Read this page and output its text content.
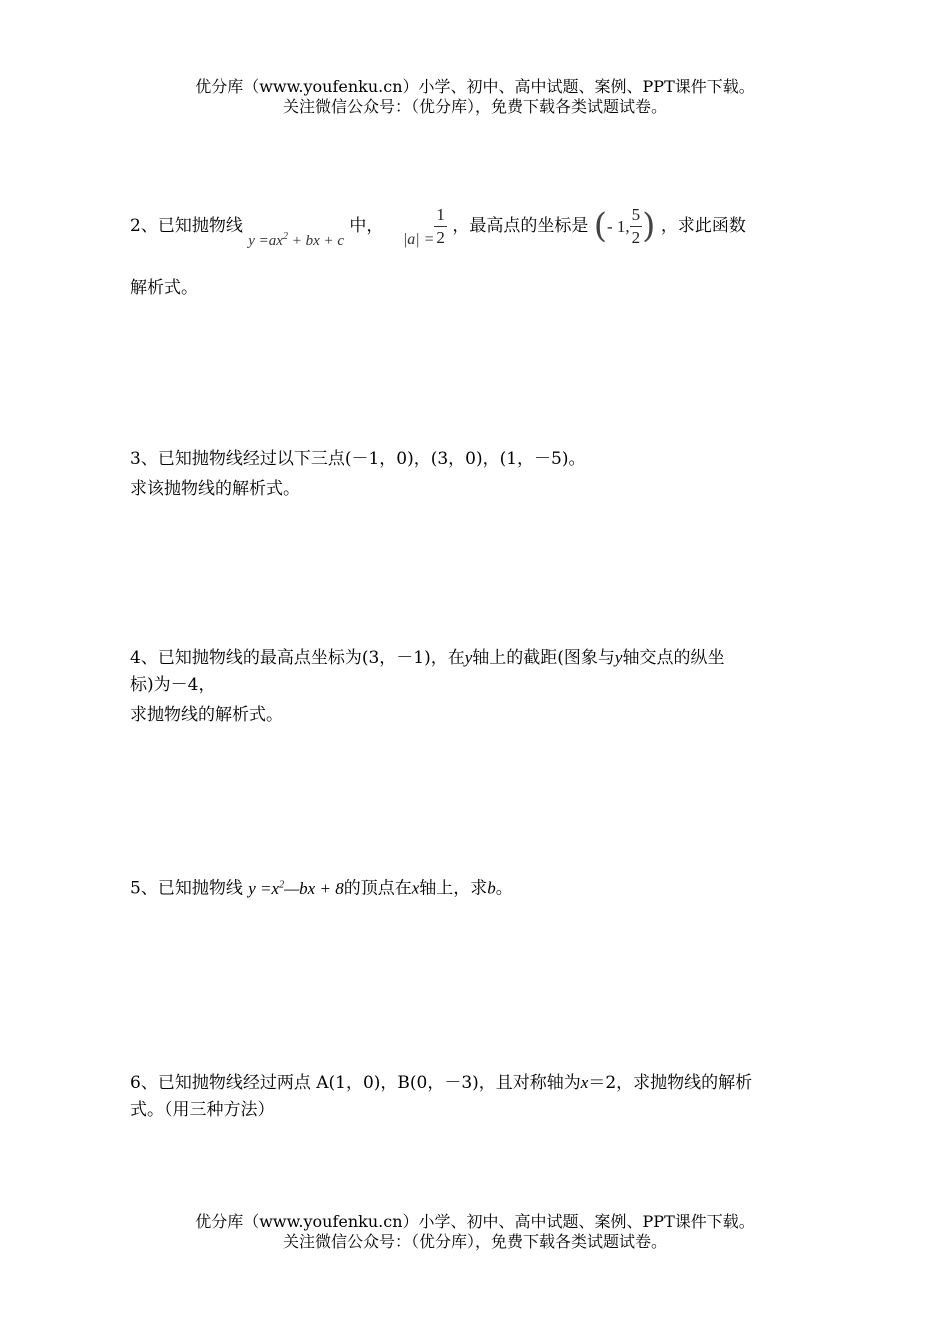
优分库（www.youfenku.cn）小学、初中、高中试题、案例、PPT课件下载。
关注微信公众号：（优分库），免费下载各类试题试卷。
2、已知抛物线 $y =ax^2$ + bx + c 中， $|a| = \frac{1}{2}$ ，最高点的坐标是 (- 1, $\frac{5}{2}$ ) ，求此函数
解析式。
3、已知抛物线经过以下三点(－1，0)，(3，0)，(1，－5)。
求该抛物线的解析式。
4、已知抛物线的最高点坐标为(3，－1)，在y轴上的截距(图象与y轴交点的纵坐
标)为－4，
求抛物线的解析式。
5、已知抛物线 $y =x^2—bx + 8$的顶点在x轴上，求b。
6、已知抛物线经过两点 A(1，0)，B(0，－3)，且对称轴为x＝2，求抛物线的解析
式。（用三种方法）
优分库（www.youfenku.cn）小学、初中、高中试题、案例、PPT课件下载。
关注微信公众号：（优分库），免费下载各类试题试卷。
